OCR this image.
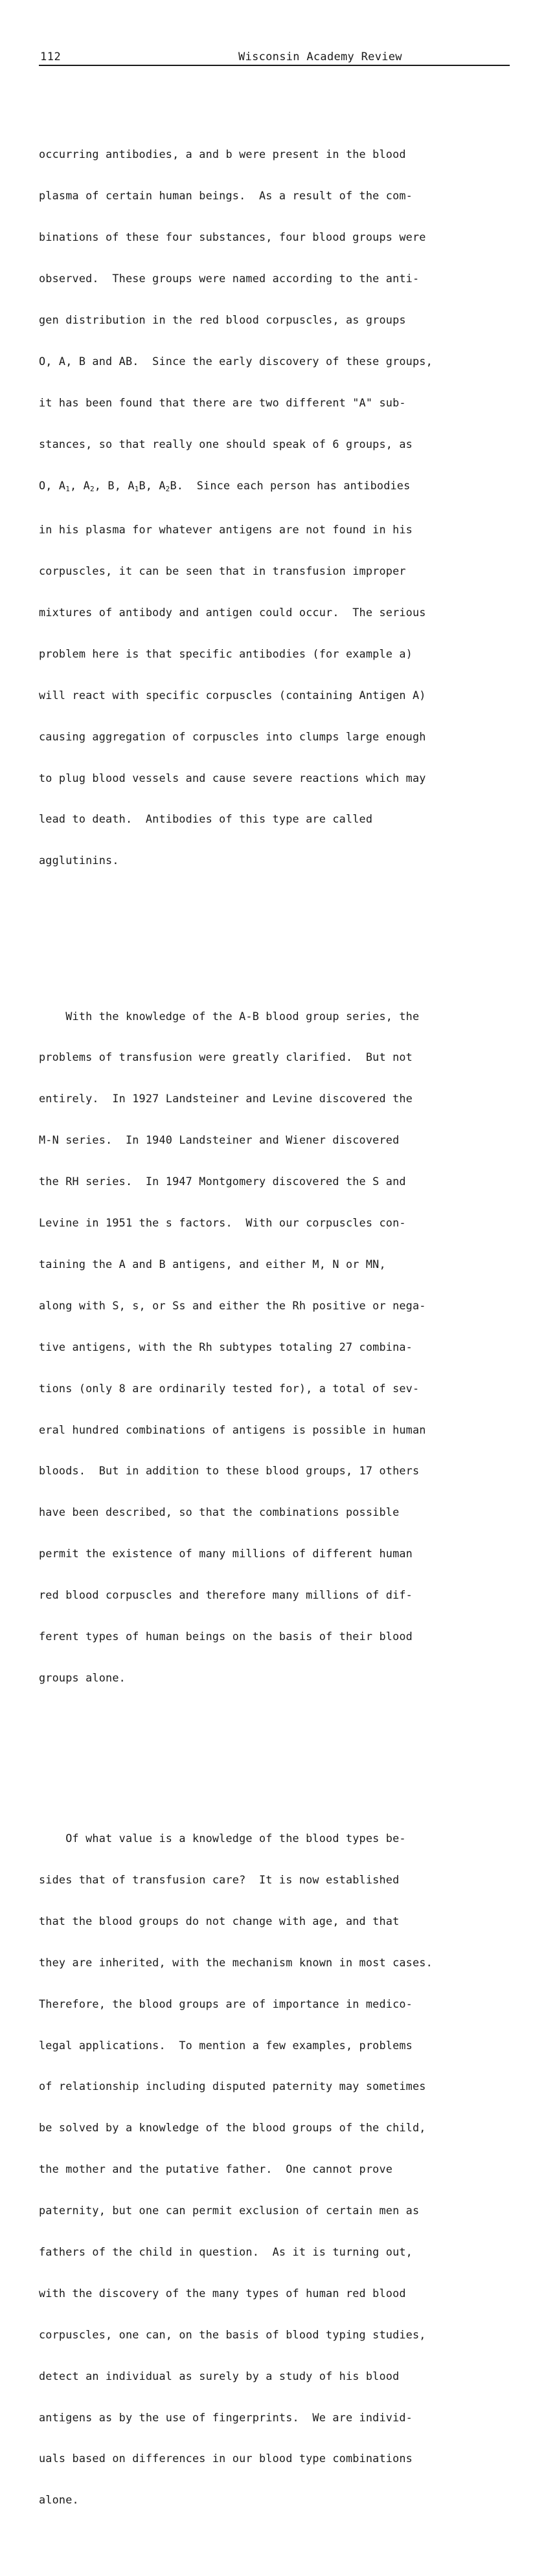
112	Wisconsin Academy Review

occurring antibodies, a and b were present in the blood

plasma of certain human beings.  As a result of the com-

binations of these four substances, four blood groups were

observed.  These groups were named according to the anti-

gen distribution in the red blood corpuscles, as groups

O, A, B and AB.  Since the early discovery of these groups,

it has been found that there are two different "A" sub-

stances, so that really one should speak of 6 groups, as

O, $A_1$, $A_2$, B, $A_1B$, $A_2B$.  Since each person has antibodies

in his plasma for whatever antigens are not found in his

corpuscles, it can be seen that in transfusion improper

mixtures of antibody and antigen could occur.  The serious

problem here is that specific antibodies (for example a)

will react with specific corpuscles (containing Antigen A)

causing aggregation of corpuscles into clumps large enough

to plug blood vessels and cause severe reactions which may

lead to death.  Antibodies of this type are called

agglutinins.

With the knowledge of the A-B blood group series, the

problems of transfusion were greatly clarified.  But not

entirely.  In 1927 Landsteiner and Levine discovered the

M-N series.  In 1940 Landsteiner and Wiener discovered

the RH series.  In 1947 Montgomery discovered the S and

Levine in 1951 the s factors.  With our corpuscles con-

taining the A and B antigens, and either M, N or MN,

along with S, s, or Ss and either the Rh positive or nega-

tive antigens, with the Rh subtypes totaling 27 combina-

tions (only 8 are ordinarily tested for), a total of sev-

eral hundred combinations of antigens is possible in human

bloods.  But in addition to these blood groups, 17 others

have been described, so that the combinations possible

permit the existence of many millions of different human

red blood corpuscles and therefore many millions of dif-

ferent types of human beings on the basis of their blood

groups alone.

Of what value is a knowledge of the blood types be-

sides that of transfusion care?  It is now established

that the blood groups do not change with age, and that

they are inherited, with the mechanism known in most cases.

Therefore, the blood groups are of importance in medico-

legal applications.  To mention a few examples, problems

of relationship including disputed paternity may sometimes

be solved by a knowledge of the blood groups of the child,

the mother and the putative father.  One cannot prove

paternity, but one can permit exclusion of certain men as

fathers of the child in question.  As it is turning out,

with the discovery of the many types of human red blood

corpuscles, one can, on the basis of blood typing studies,

detect an individual as surely by a study of his blood

antigens as by the use of fingerprints.  We are individ-

uals based on differences in our blood type combinations

alone.
